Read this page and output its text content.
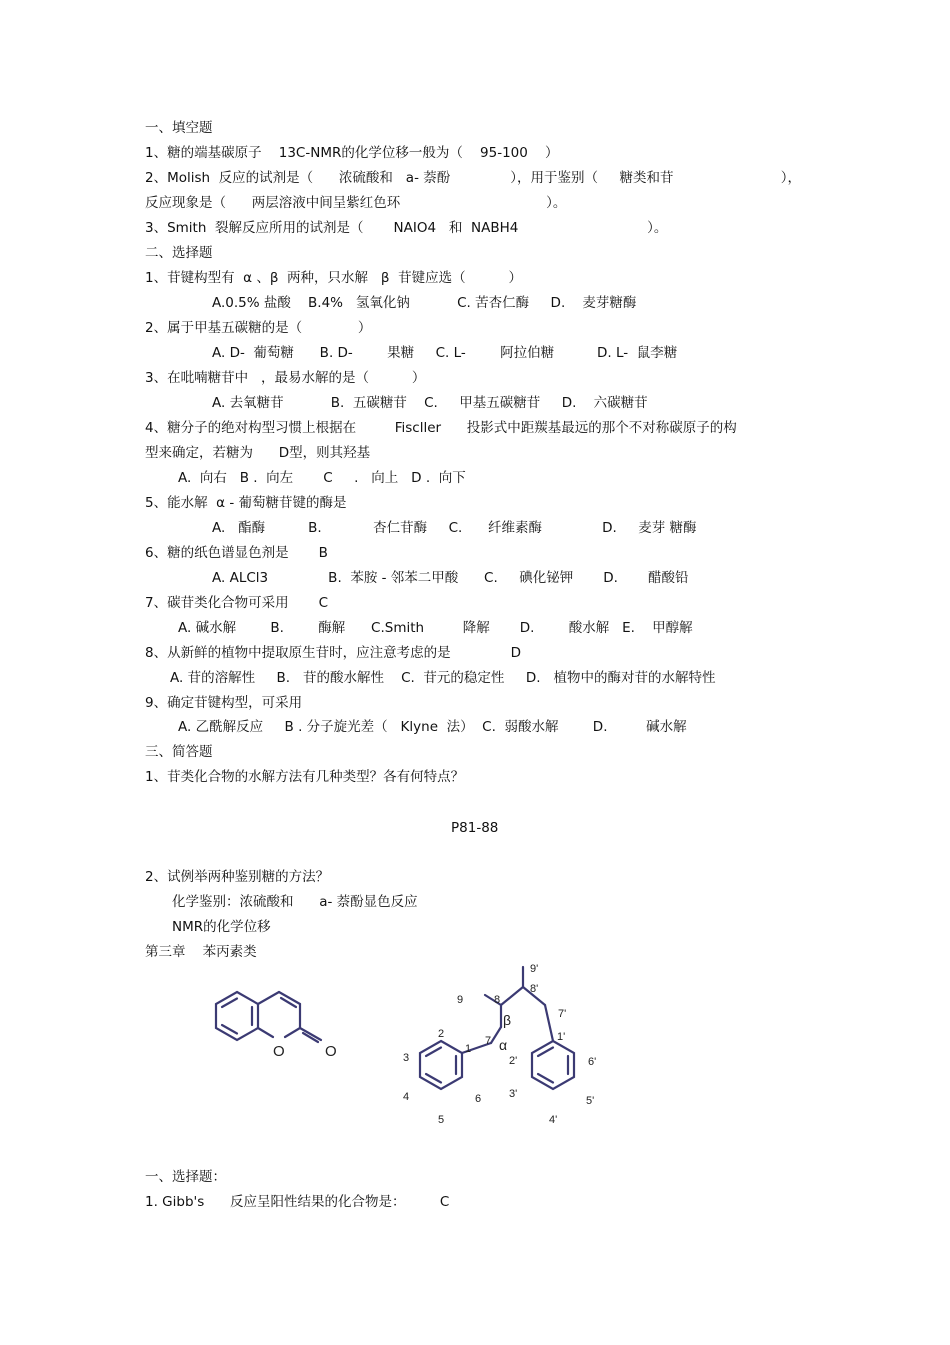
一、填空题
1、糖的端基碳原子    13C-NMR的化学位移一般为（    95-100    ）
2、Molish  反应的试剂是（      浓硫酸和   a- 萘酚              ），用于鉴别（     糖类和苷                         ），
反应现象是（      两层溶液中间呈紫红色环                                  ）。
3、Smith  裂解反应所用的试剂是（       NAIO4   和  NABH4                              ）。
二、选择题
1、苷键构型有  α 、β  两种，只水解   β  苷键应选（          ）
A.0.5% 盐酸    B.4%   氢氧化钠           C. 苦杏仁酶     D.    麦芽糖酶
2、属于甲基五碳糖的是（             ）
A. D-  葡萄糖      B. D-        果糖     C. L-        阿拉伯糖          D. L-  鼠李糖
3、在吡喃糖苷中   ，最易水解的是（          ）
A. 去氧糖苷           B.  五碳糖苷    C.     甲基五碳糖苷     D.    六碳糖苷
4、糖分子的绝对构型习惯上根据在         Fiscller      投影式中距羰基最远的那个不对称碳原子的构
型来确定，若糖为      D型，则其羟基
A.  向右   B .  向左       C     .   向上   D .  向下
5、能水解  α - 葡萄糖苷键的酶是
A.   酯酶          B.            杏仁苷酶     C.      纤维素酶              D.     麦芽 糖酶
6、糖的纸色谱显色剂是       B
A. ALCl3              B.  苯胺 - 邻苯二甲酸      C.     碘化铋钾       D.       醋酸铅
7、碳苷类化合物可采用       C
A. 碱水解        B.        酶解      C.Smith         降解       D.        酸水解   E.    甲醇解
8、从新鲜的植物中提取原生苷时，应注意考虑的是              D
A. 苷的溶解性     B.   苷的酸水解性    C.  苷元的稳定性     D.   植物中的酶对苷的水解特性
9、确定苷键构型，可采用
A. 乙酰解反应     B . 分子旋光差（   Klyne  法）  C.  弱酸水解        D.         碱水解
三、简答题
1、苷类化合物的水解方法有几种类型？各有何特点？
P81-88
2、试例举两种鉴别糖的方法？
化学鉴别：浓硫酸和      a- 萘酚显色反应
NMR的化学位移
第三章    苯丙素类
O	O
9'
8'
9	8
7'
β
1'
7 α
2
1
2'	6'
3
3'
5'
4	6
5	4'
一、选择题：
1. Gibb's      反应呈阳性结果的化合物是：        C
